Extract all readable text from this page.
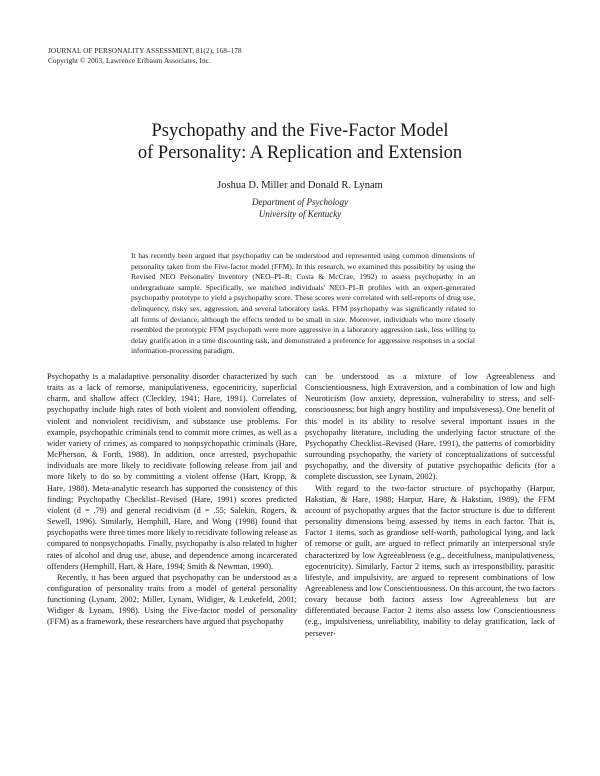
JOURNAL OF PERSONALITY ASSESSMENT, 81(2), 168–178
Copyright © 2003, Lawrence Erlbaum Associates, Inc.
Psychopathy and the Five-Factor Model
of Personality: A Replication and Extension
Joshua D. Miller and Donald R. Lynam
Department of Psychology
University of Kentucky

It has recently been argued that psychopathy can be understood and represented using common dimensions of personality taken from the Five-factor model (FFM). In this research, we examined this possibility by using the Revised NEO Personality Inventory (NEO–PI–R; Costa & McCrae, 1992) to assess psychopathy in an undergraduate sample. Specifically, we matched individuals' NEO–PI–R profiles with an expert-generated psychopathy prototype to yield a psychopathy score. These scores were correlated with self-reports of drug use, delinquency, risky sex, aggression, and several laboratory tasks. FFM psychopathy was significantly related to all forms of deviance, although the effects tended to be small in size. Moreover, individuals who more closely resembled the prototypic FFM psychopath were more aggressive in a laboratory aggression task, less willing to delay gratification in a time discounting task, and demonstrated a preference for aggressive responses in a social information-processing paradigm.

Psychopathy is a maladaptive personality disorder characterized by such traits as a lack of remorse, manipulativeness, egocentricity, superficial charm, and shallow affect (Cleckley, 1941; Hare, 1991). Correlates of psychopathy include high rates of both violent and nonviolent offending, violent and nonviolent recidivism, and substance use problems. For example, psychopathic criminals tend to commit more crimes, as well as a wider variety of crimes, as compared to nonpsychopathic criminals (Hare, McPherson, & Forth, 1988). In addition, once arrested, psychopathic individuals are more likely to recidivate following release from jail and more likely to do so by committing a violent offense (Hart, Kropp, & Hare, 1988). Meta-analytic research has supported the consistency of this finding; Psychopathy Checklist–Revised (Hare, 1991) scores predicted violent (d = .79) and general recidivism (d = .55; Salekin, Rogers, & Sewell, 1996). Similarly, Hemphill, Hare, and Wong (1998) found that psychopaths were three times more likely to recidivate following release as compared to nonpsychopaths. Finally, psychopathy is also related to higher rates of alcohol and drug use, abuse, and dependence among incarcerated offenders (Hemphill, Hart, & Hare, 1994; Smith & Newman, 1990).

Recently, it has been argued that psychopathy can be understood as a configuration of personality traits from a model of general personality functioning (Lynam, 2002; Miller, Lynam, Widiger, & Leukefeld, 2001; Widiger & Lynam, 1998). Using the Five-factor model of personality (FFM) as a framework, these researchers have argued that psychopathy

can be understood as a mixture of low Agreeableness and Conscientiousness, high Extraversion, and a combination of low and high Neuroticism (low anxiety, depression, vulnerability to stress, and self-consciousness; but high angry hostility and impulsiveness). One benefit of this model is its ability to resolve several important issues in the psychopathy literature, including the underlying factor structure of the Psychopathy Checklist–Revised (Hare, 1991), the patterns of comorbidity surrounding psychopathy, the variety of conceptualizations of successful psychopathy, and the diversity of putative psychopathic deficits (for a complete discussion, see Lynam, 2002).

With regard to the two-factor structure of psychopathy (Harpur, Hakstian, & Hare, 1988; Harpur, Hare, & Hakstian, 1989), the FFM account of psychopathy argues that the factor structure is due to different personality dimensions being assessed by items in each factor. That is, Factor 1 items, such as grandiose self-worth, pathological lying, and lack of remorse or guilt, are argued to reflect primarily an interpersonal style characterized by low Agreeableness (e.g., deceitfulness, manipulativeness, egocentricity). Similarly, Factor 2 items, such as irresponsibility, parasitic lifestyle, and impulsivity, are argued to represent combinations of low Agreeableness and low Conscientiousness. On this account, the two factors covary because both factors assess low Agreeableness but are differentiated because Factor 2 items also assess low Conscientiousness (e.g., impulsiveness, unreliability, inability to delay gratification, lack of persever-
